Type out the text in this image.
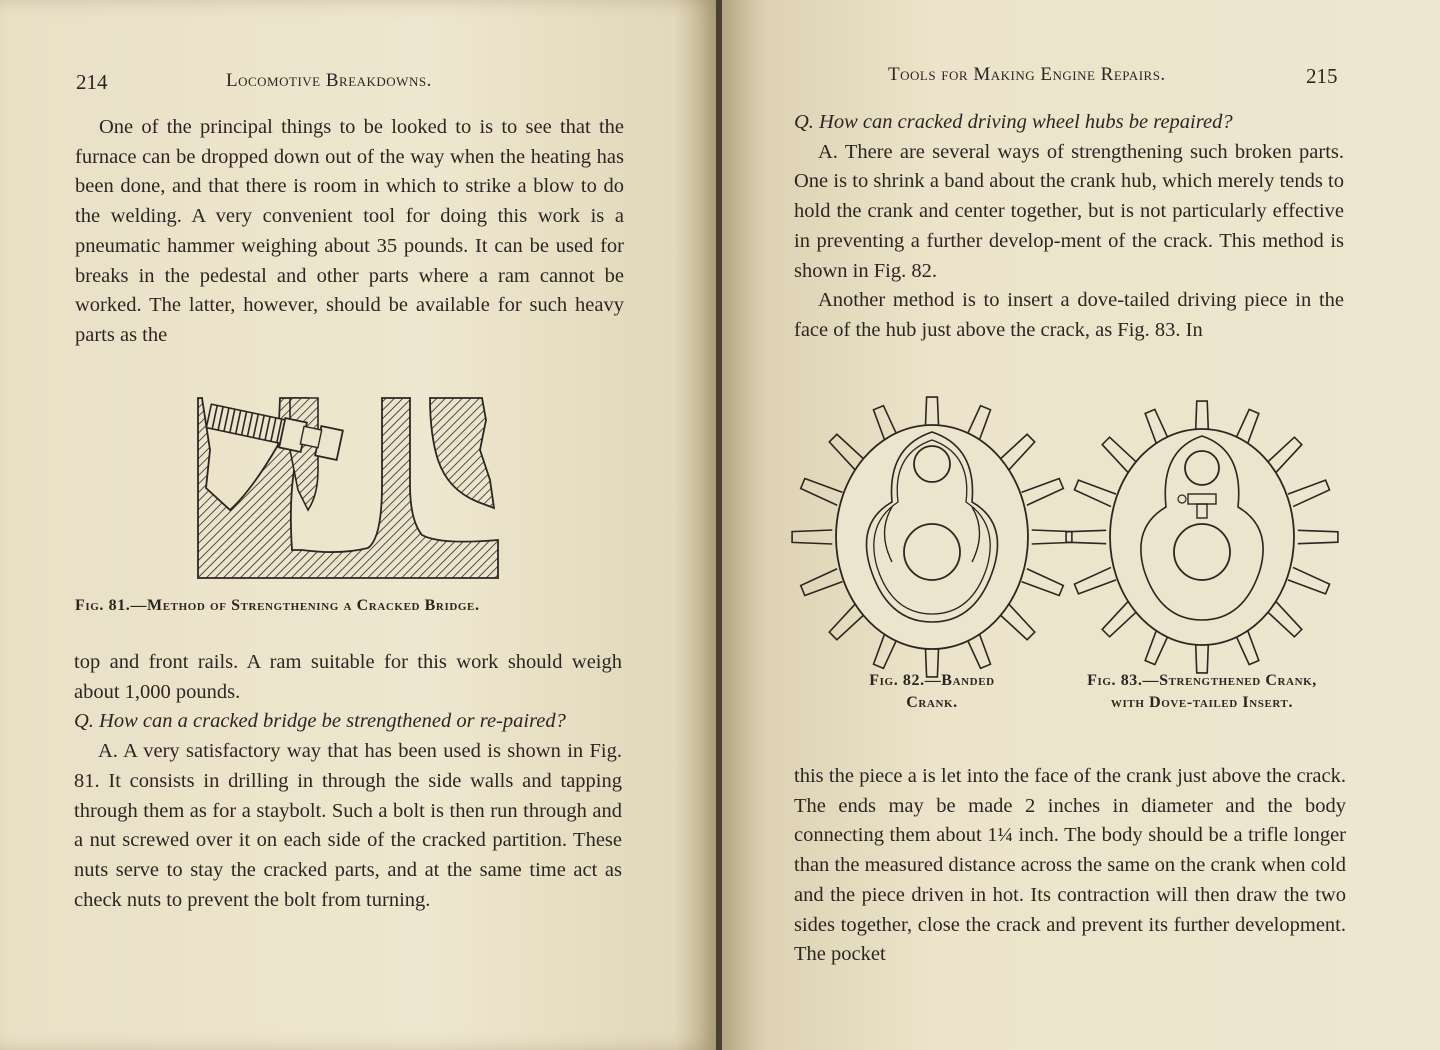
214	Locomotive Breakdowns.

One of the principal things to be looked to is to see that the furnace can be dropped down out of the way when the heating has been done, and that there is room in which to strike a blow to do the welding. A very convenient tool for doing this work is a pneumatic hammer weighing about 35 pounds. It can be used for breaks in the pedestal and other parts where a ram cannot be worked. The latter, however, should be available for such heavy parts as the

Fig. 81.—Method of Strengthening a Cracked Bridge.

top and front rails. A ram suitable for this work should weigh about 1,000 pounds.

Q. How can a cracked bridge be strengthened or re-paired?

A. A very satisfactory way that has been used is shown in Fig. 81. It consists in drilling in through the side walls and tapping through them as for a staybolt. Such a bolt is then run through and a nut screwed over it on each side of the cracked partition. These nuts serve to stay the cracked parts, and at the same time act as check nuts to prevent the bolt from turning.

Tools for Making Engine Repairs.	215

Q. How can cracked driving wheel hubs be repaired?

A. There are several ways of strengthening such broken parts. One is to shrink a band about the crank hub, which merely tends to hold the crank and center together, but is not particularly effective in preventing a further develop-ment of the crack. This method is shown in Fig. 82.

Another method is to insert a dove-tailed driving piece in the face of the hub just above the crack, as Fig. 83. In

Fig. 82.—Banded Crank.
Fig. 83.—Strengthened Crank, with Dove-tailed Insert.

this the piece a is let into the face of the crank just above the crack. The ends may be made 2 inches in diameter and the body connecting them about 1¼ inch. The body should be a trifle longer than the measured distance across the same on the crank when cold and the piece driven in hot. Its contraction will then draw the two sides together, close the crack and prevent its further development. The pocket
